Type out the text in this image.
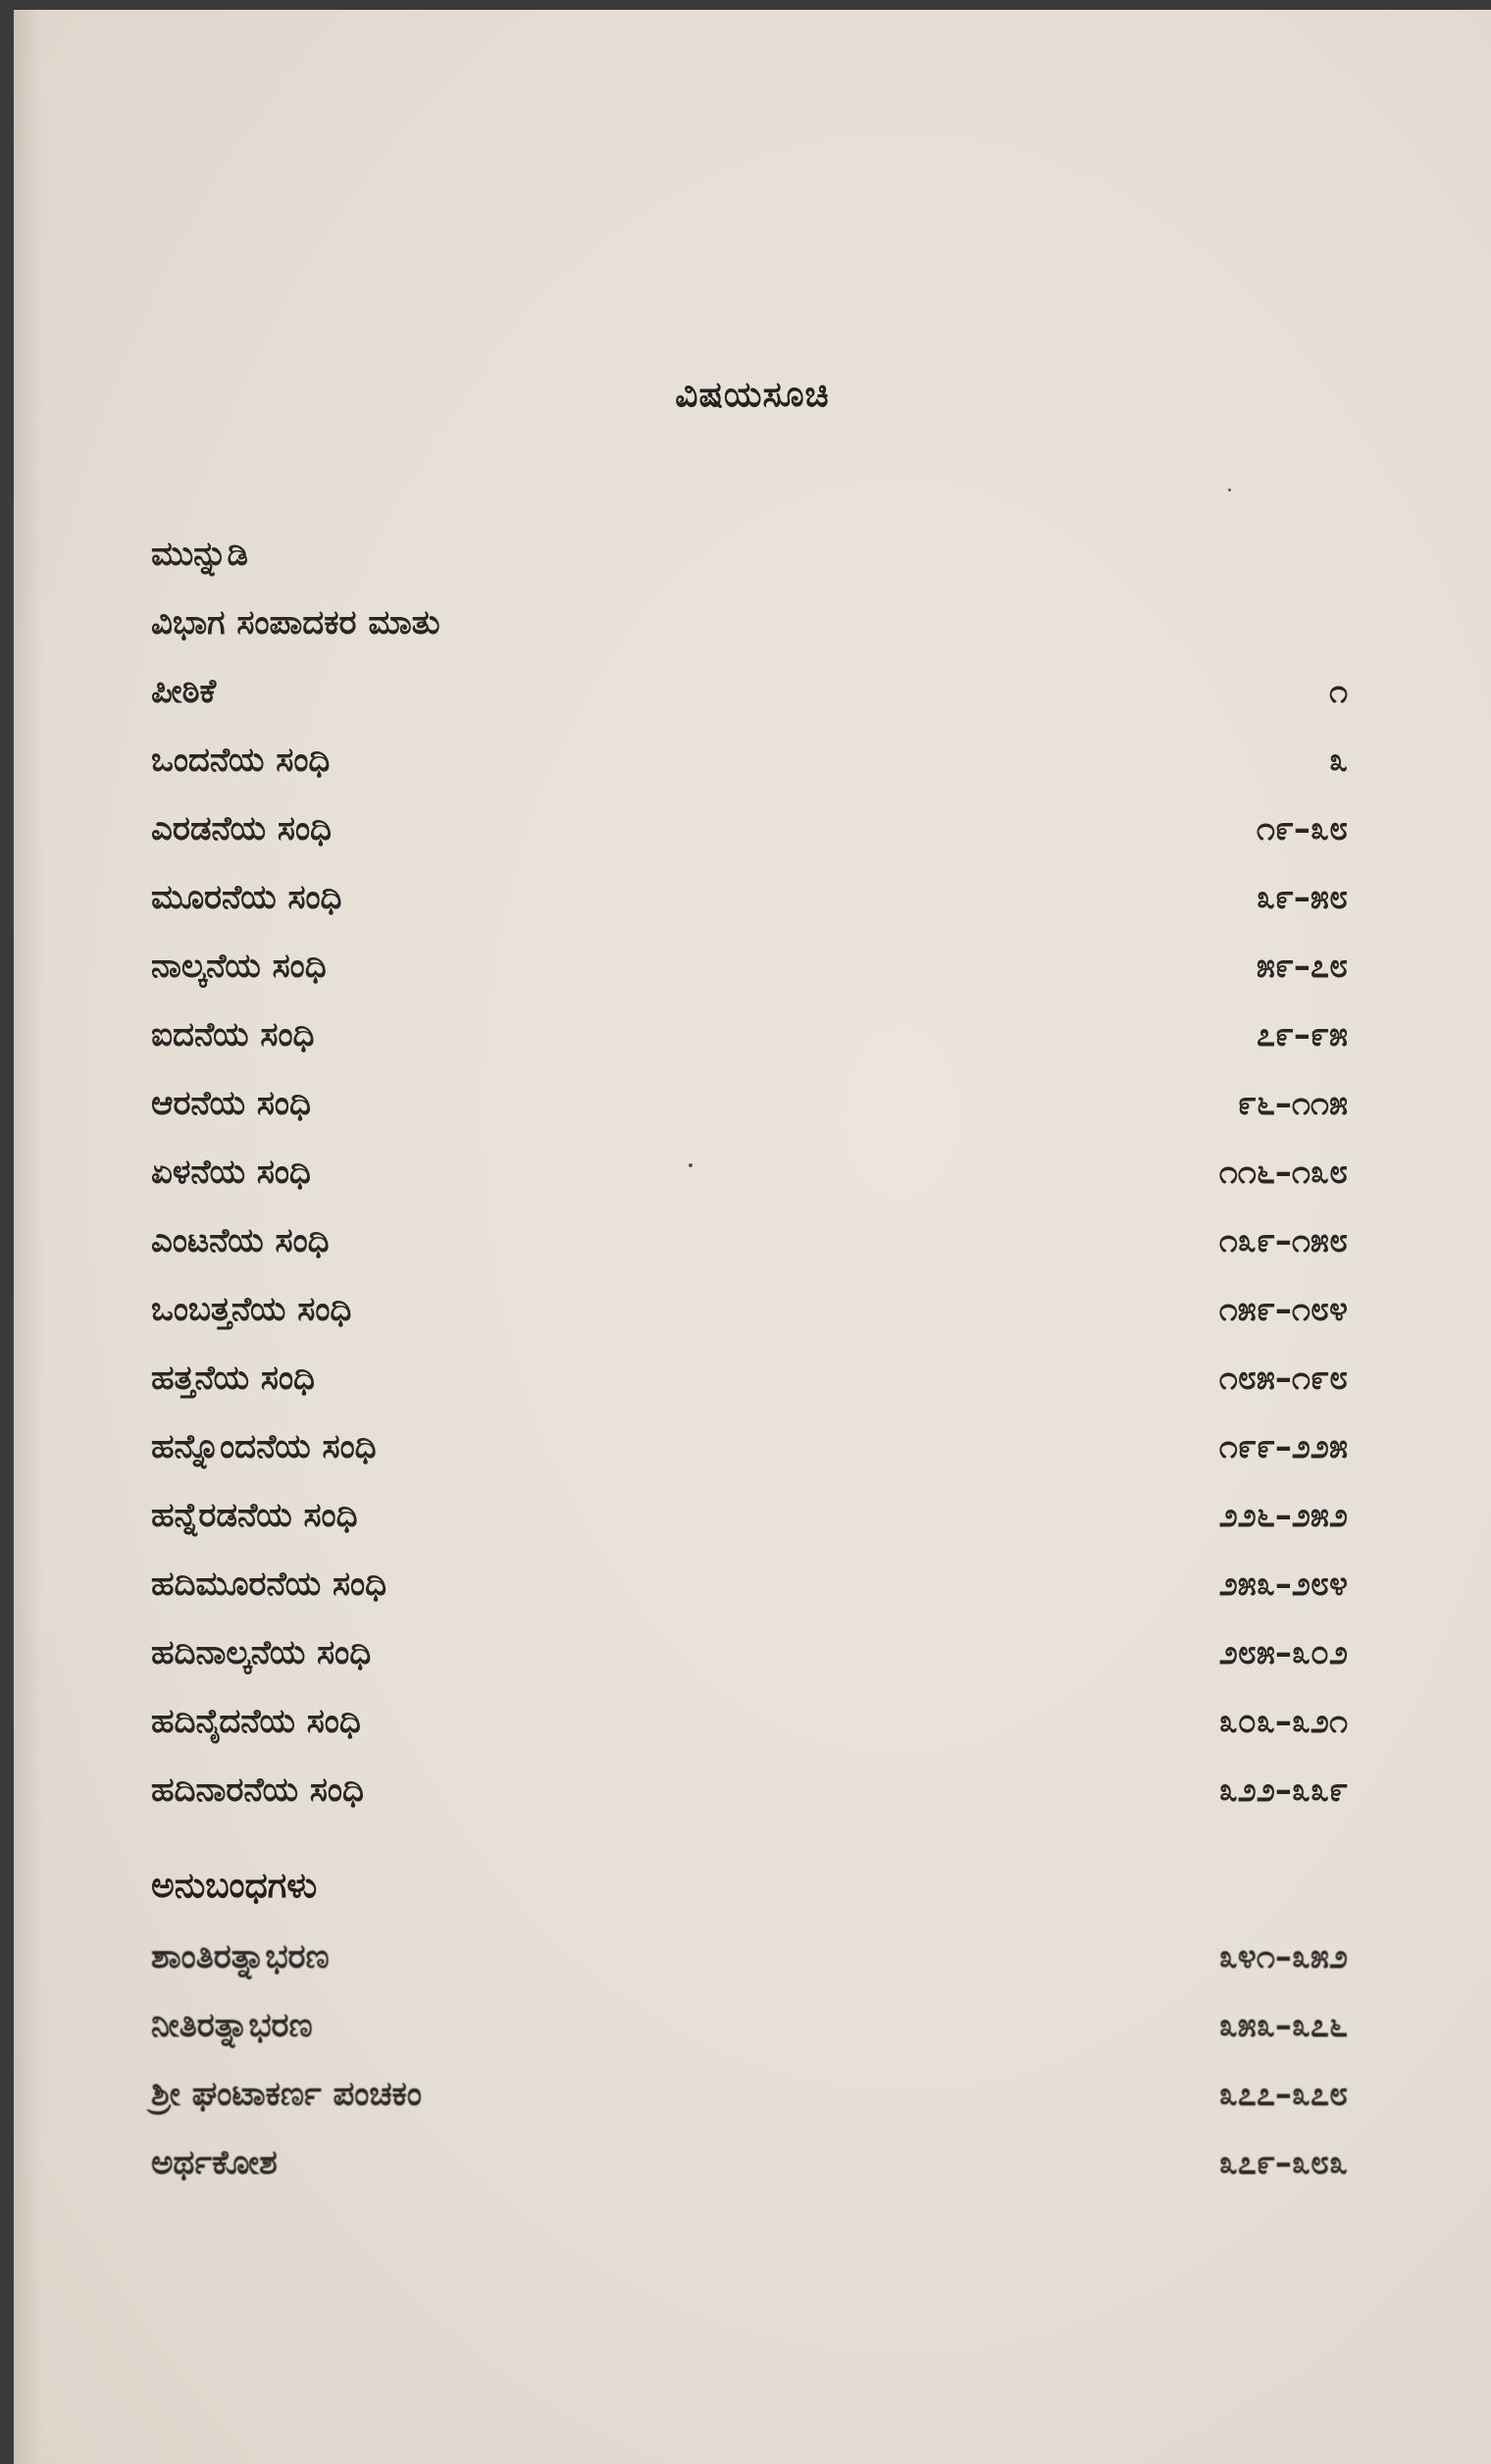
ವಿಷಯಸೂಚಿ
ಮುನ್ನುಡಿ
ವಿಭಾಗ ಸಂಪಾದಕರ ಮಾತು
ಪೀಠಿಕೆ	೧
ಒಂದನೆಯ ಸಂಧಿ	೩
ಎರಡನೆಯ ಸಂಧಿ	೧೯–೩೮
ಮೂರನೆಯ ಸಂಧಿ	೩೯–೫೮
ನಾಲ್ಕನೆಯ ಸಂಧಿ	೫೯–೭೮
ಐದನೆಯ ಸಂಧಿ	೭೯–೯೫
ಆರನೆಯ ಸಂಧಿ	೯೬–೧೧೫
ಏಳನೆಯ ಸಂಧಿ	೧೧೬–೧೩೮
ಎಂಟನೆಯ ಸಂಧಿ	೧೩೯–೧೫೮
ಒಂಬತ್ತನೆಯ ಸಂಧಿ	೧೫೯–೧೮೪
ಹತ್ತನೆಯ ಸಂಧಿ	೧೮೫–೧೯೮
ಹನ್ನೊಂದನೆಯ ಸಂಧಿ	೧೯೯–೨೨೫
ಹನ್ನೆರಡನೆಯ ಸಂಧಿ	೨೨೬–೨೫೨
ಹದಿಮೂರನೆಯ ಸಂಧಿ	೨೫೩–೨೮೪
ಹದಿನಾಲ್ಕನೆಯ ಸಂಧಿ	೨೮೫–೩೦೨
ಹದಿನೈದನೆಯ ಸಂಧಿ	೩೦೩–೩೨೧
ಹದಿನಾರನೆಯ ಸಂಧಿ	೩೨೨–೩೩೯
ಅನುಬಂಧಗಳು
ಶಾಂತಿರತ್ನಾಭರಣ	೩೪೧–೩೫೨
ನೀತಿರತ್ನಾಭರಣ	೩೫೩–೩೭೬
ಶ್ರೀ ಘಂಟಾಕರ್ಣ ಪಂಚಕಂ	೩೭೭–೩೭೮
ಅರ್ಥಕೋಶ	೩೭೯–೩೮೩
